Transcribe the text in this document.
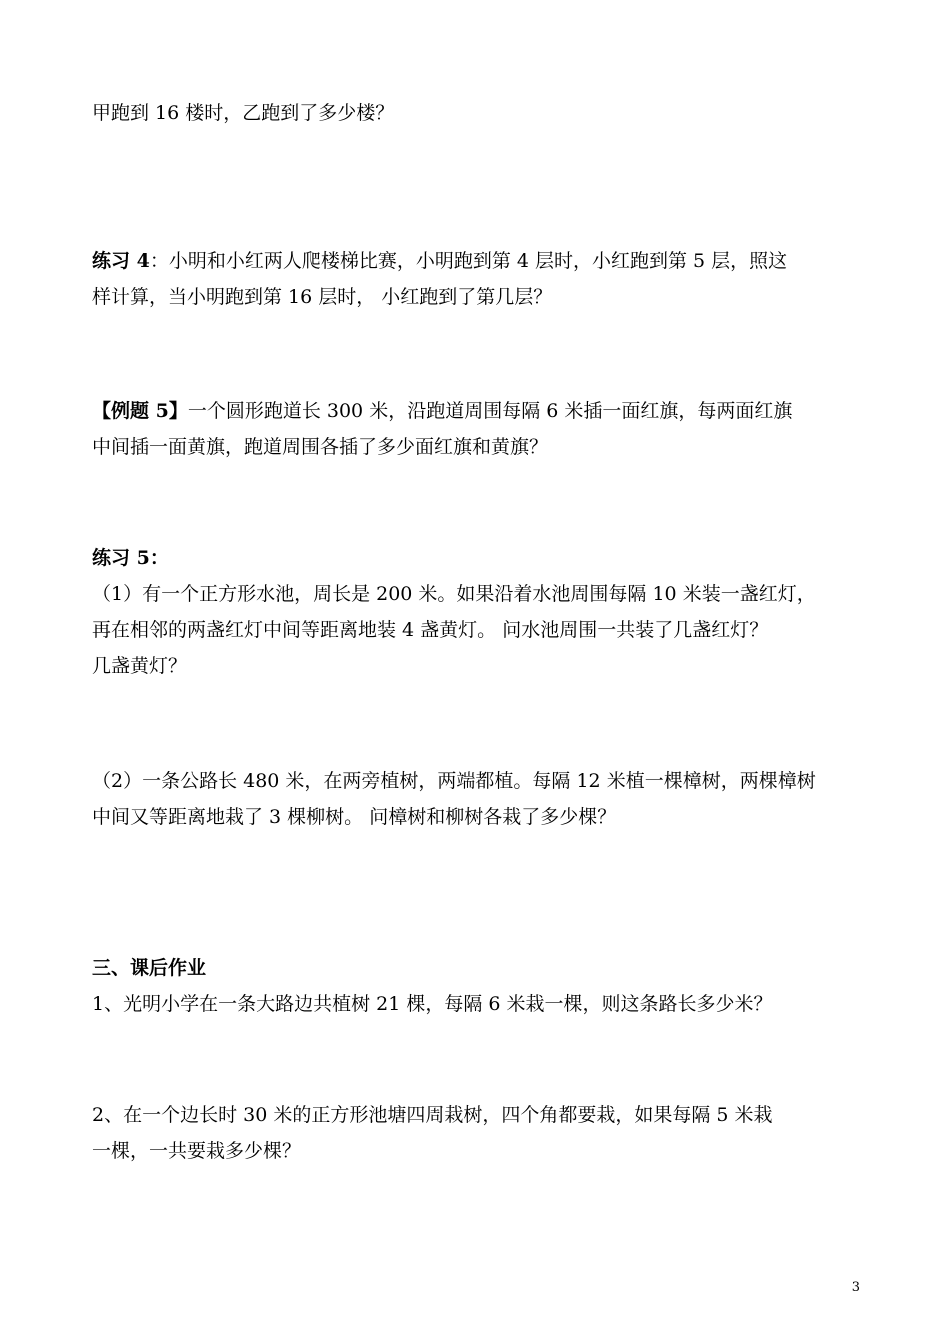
甲跑到 16 楼时，乙跑到了多少楼？
练习 4：小明和小红两人爬楼梯比赛，小明跑到第 4 层时，小红跑到第 5 层，照这
样计算，当小明跑到第 16 层时， 小红跑到了第几层？
【例题 5】一个圆形跑道长 300 米，沿跑道周围每隔 6 米插一面红旗，每两面红旗
中间插一面黄旗，跑道周围各插了多少面红旗和黄旗？
练习 5：
（1）有一个正方形水池，周长是 200 米。如果沿着水池周围每隔 10 米装一盏红灯，
再在相邻的两盏红灯中间等距离地装 4 盏黄灯。 问水池周围一共装了几盏红灯？
几盏黄灯？
（2）一条公路长 480 米，在两旁植树，两端都植。每隔 12 米植一棵樟树，两棵樟树
中间又等距离地栽了 3 棵柳树。 问樟树和柳树各栽了多少棵？
三、课后作业
1、光明小学在一条大路边共植树 21 棵，每隔 6 米栽一棵，则这条路长多少米？
2、在一个边长时 30 米的正方形池塘四周栽树，四个角都要栽，如果每隔 5 米栽
一棵，一共要栽多少棵？
3
